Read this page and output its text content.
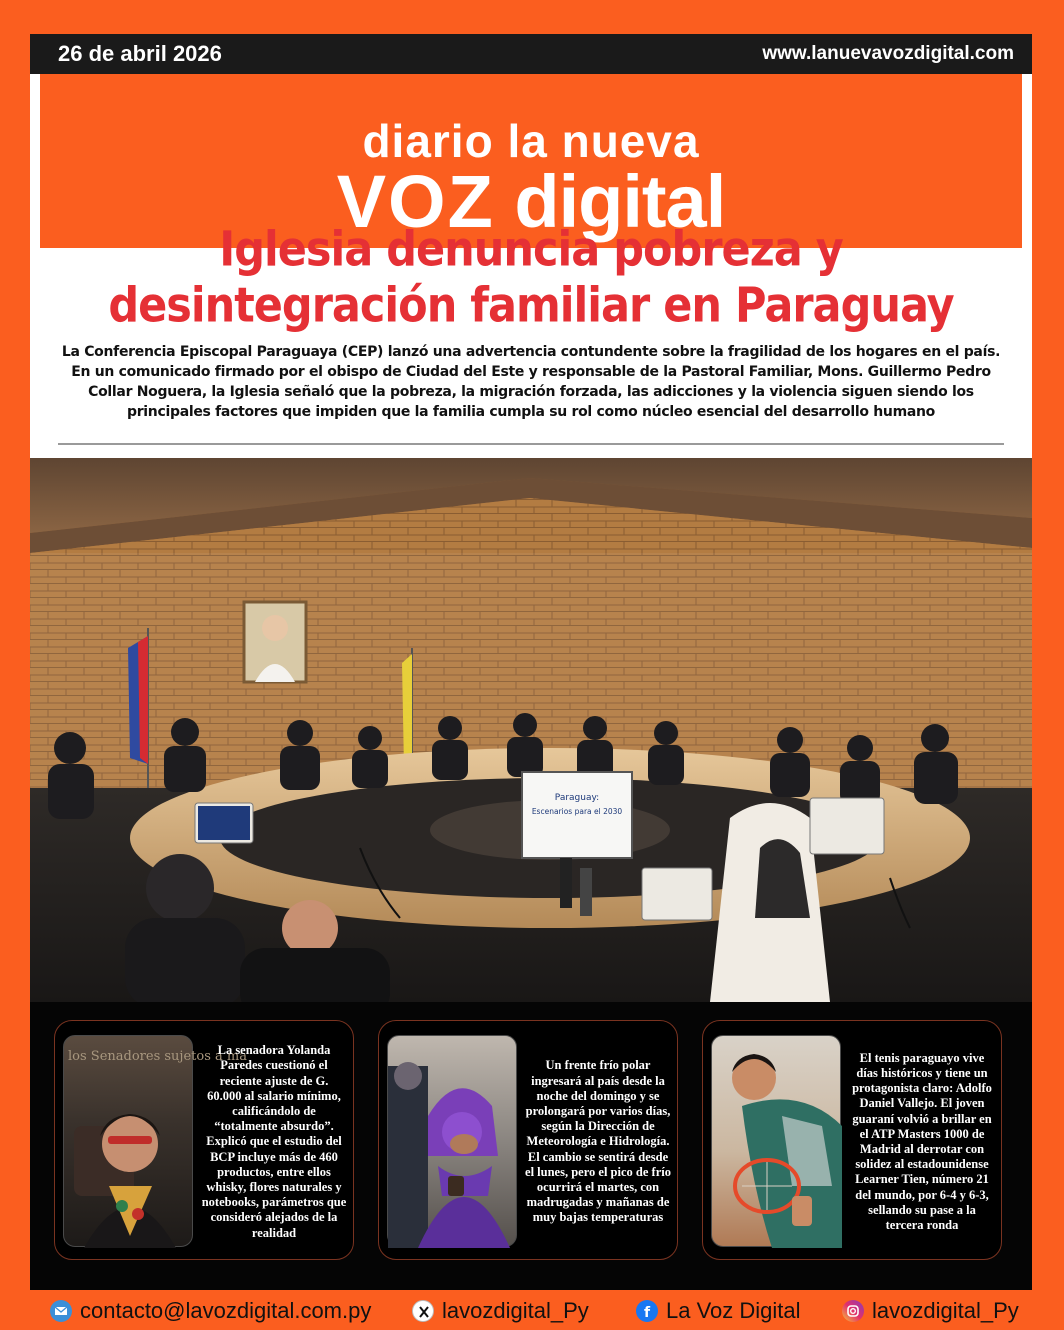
26 de abril 2026	www.lanuevavozdigital.com
diario la nueva
VOZ digital
Iglesia denuncia pobreza y
desintegración familiar en Paraguay
La Conferencia Episcopal Paraguaya (CEP) lanzó una advertencia contundente sobre la fragilidad de los hogares en el país.
En un comunicado firmado por el obispo de Ciudad del Este y responsable de la Pastoral Familiar, Mons. Guillermo Pedro
Collar Noguera, la Iglesia señaló que la pobreza, la migración forzada, las adicciones y la violencia siguen siendo los
principales factores que impiden que la familia cumpla su rol como núcleo esencial del desarrollo humano
Paraguay:
Escenarios para el 2030
los Senadores sujetos a ma
La senadora Yolanda Paredes cuestionó el reciente ajuste de G. 60.000 al salario mínimo, calificándolo de “totalmente absurdo”. Explicó que el estudio del BCP incluye más de 460 productos, entre ellos whisky, flores naturales y notebooks, parámetros que consideró alejados de la realidad
Un frente frío polar ingresará al país desde la noche del domingo y se prolongará por varios días, según la Dirección de Meteorología e Hidrología. El cambio se sentirá desde el lunes, pero el pico de frío ocurrirá el martes, con madrugadas y mañanas de muy bajas temperaturas
El tenis paraguayo vive días históricos y tiene un protagonista claro: Adolfo Daniel Vallejo. El joven guaraní volvió a brillar en el ATP Masters 1000 de Madrid al derrotar con solidez al estadounidense Learner Tien, número 21 del mundo, por 6-4 y 6-3, sellando su pase a la tercera ronda
contacto@lavozdigital.com.py	lavozdigital_Py	f La Voz Digital	lavozdigital_Py
